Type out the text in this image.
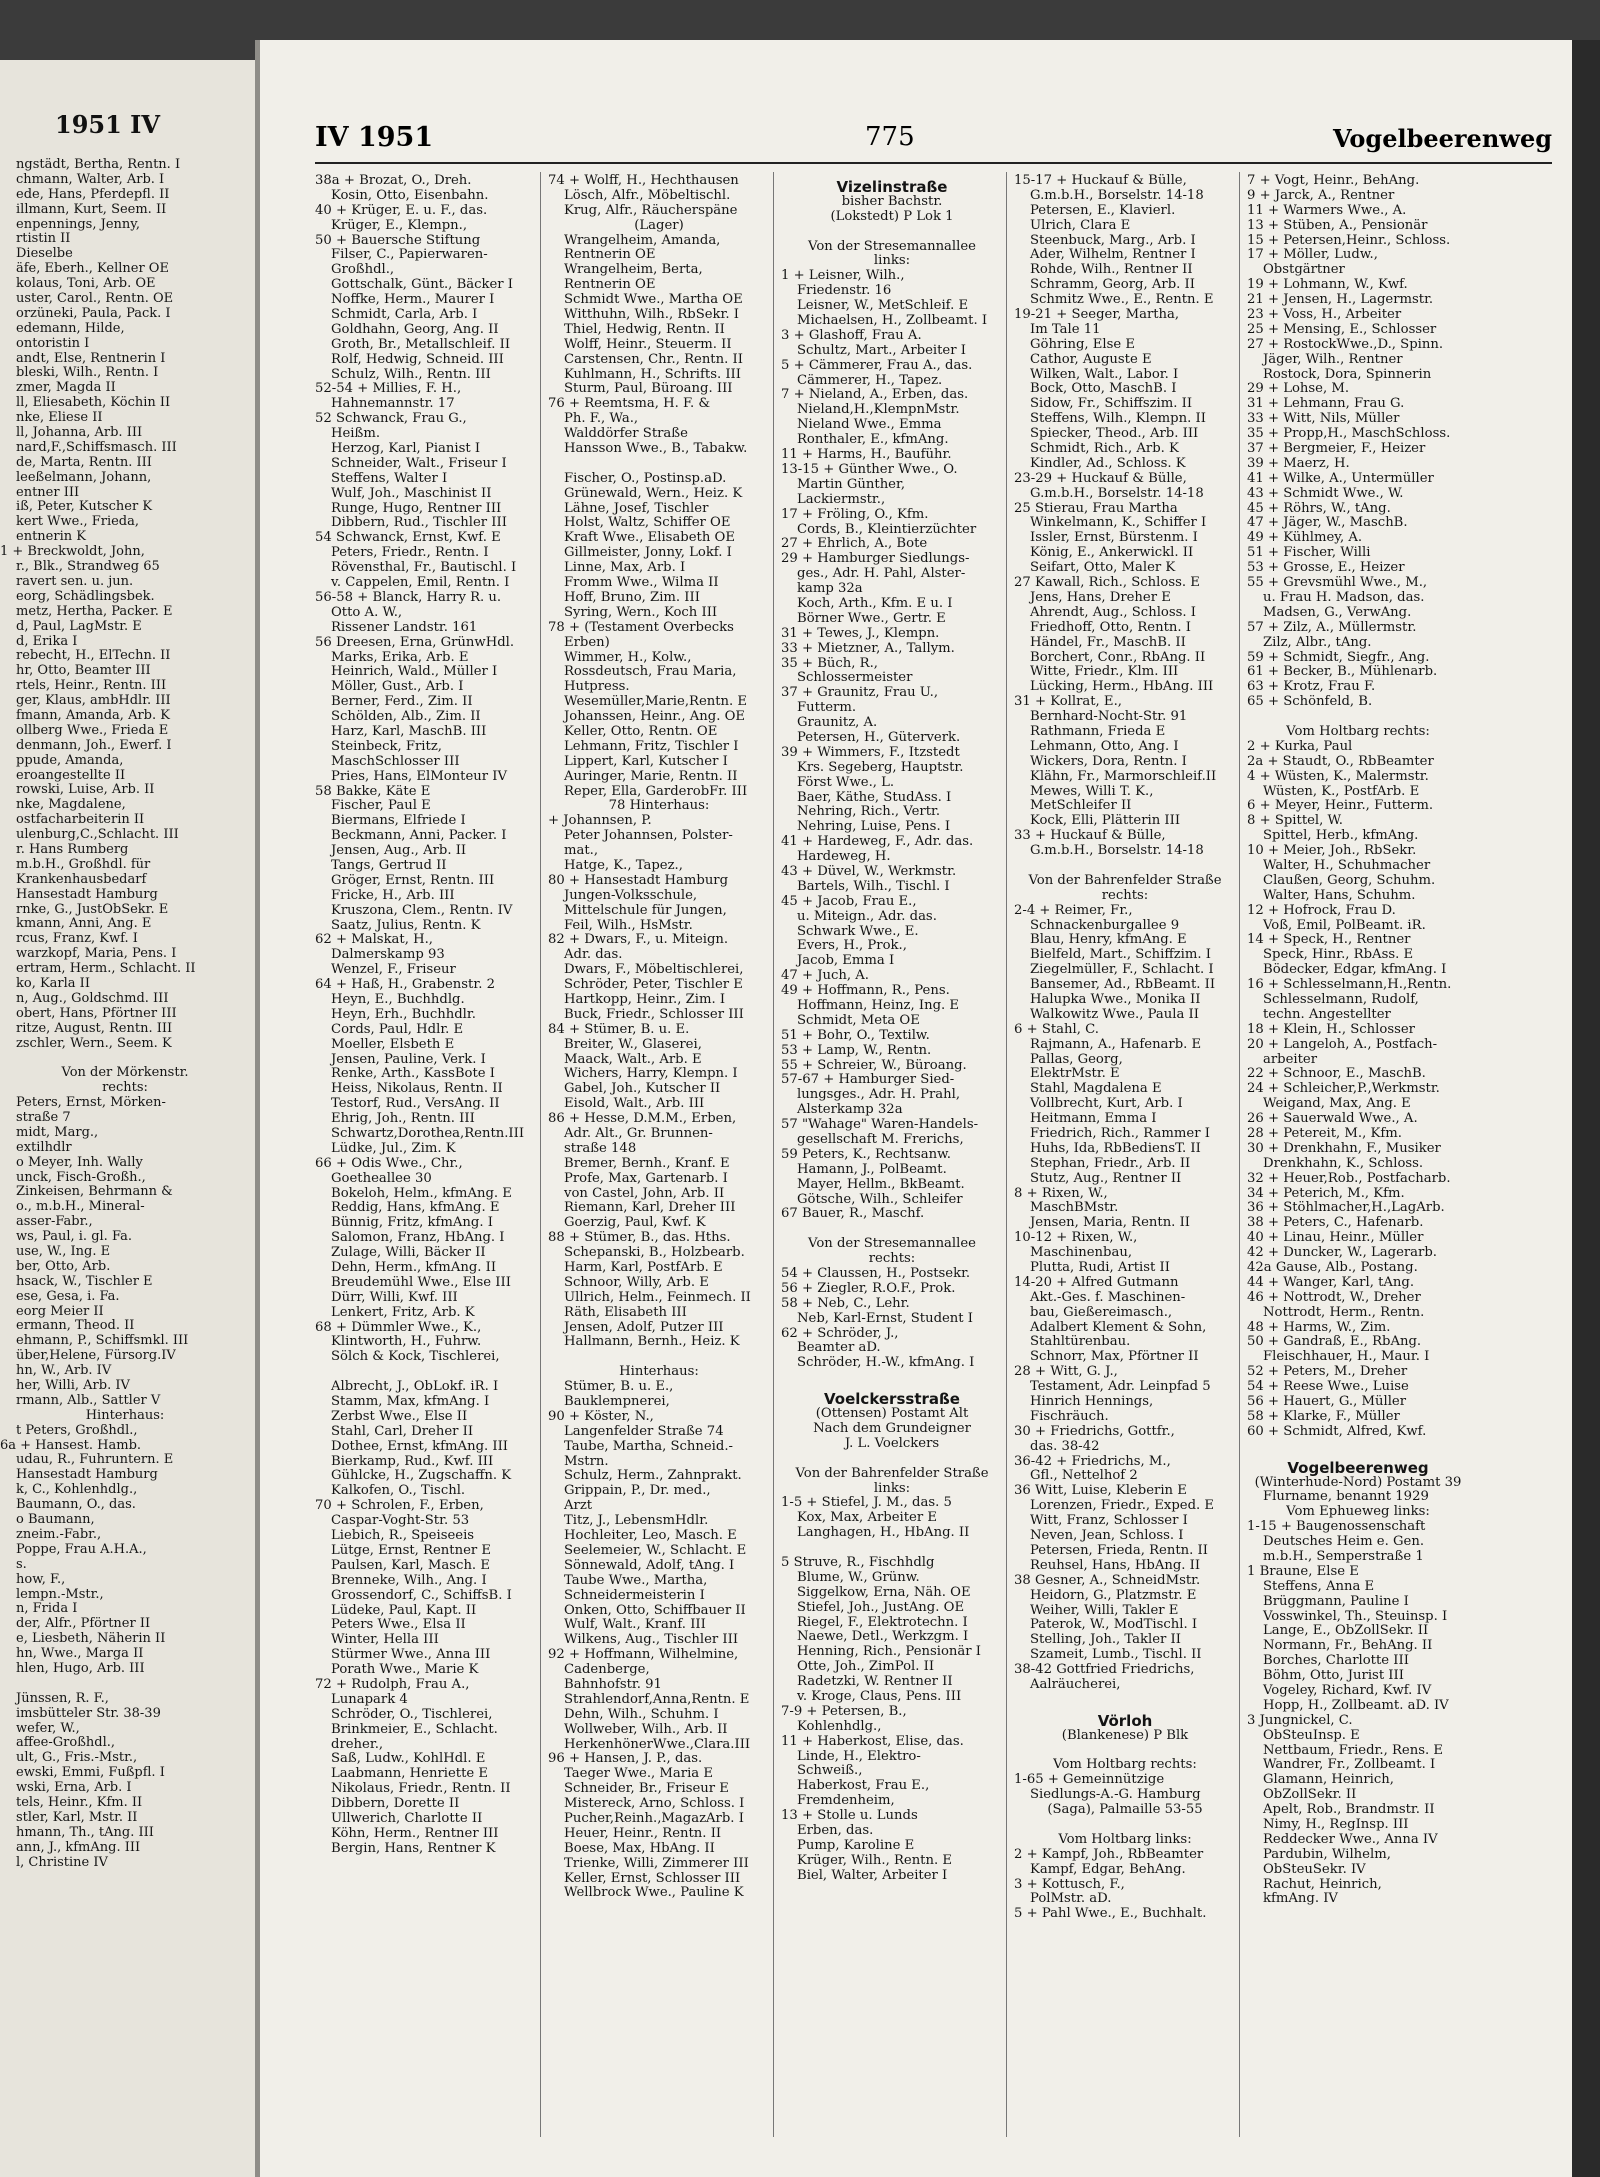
1951 IV
ngstädt, Bertha, Rentn. I
chmann, Walter, Arb. I
ede, Hans, Pferdepfl. II
illmann, Kurt, Seem. II
enpennings, Jenny,
rtistin II
Dieselbe
äfe, Eberh., Kellner OE
kolaus, Toni, Arb. OE
uster, Carol., Rentn. OE
orzüneki, Paula, Pack. I
edemann, Hilde,
ontoristin I
andt, Else, Rentnerin I
bleski, Wilh., Rentn. I
zmer, Magda II
ll, Eliesabeth, Köchin II
nke, Eliese II
ll, Johanna, Arb. III
nard,F.,Schiffsmasch. III
de, Marta, Rentn. III
leeßelmann, Johann,
entner III
iß, Peter, Kutscher K
kert Wwe., Frieda,
entnerin K
1 + Breckwoldt, John,
r., Blk., Strandweg 65
ravert sen. u. jun.
eorg, Schädlingsbek.
metz, Hertha, Packer. E
d, Paul, LagMstr. E
d, Erika I
rebecht, H., ElTechn. II
hr, Otto, Beamter III
rtels, Heinr., Rentn. III
ger, Klaus, ambHdlr. III
fmann, Amanda, Arb. K
ollberg Wwe., Frieda E
denmann, Joh., Ewerf. I
ppude, Amanda,
eroangestellte II
rowski, Luise, Arb. II
nke, Magdalene,
ostfacharbeiterin II
ulenburg,C.,Schlacht. III
r. Hans Rumberg
m.b.H., Großhdl. für
Krankenhausbedarf
Hansestadt Hamburg
rnke, G., JustObSekr. E
kmann, Anni, Ang. E
rcus, Franz, Kwf. I
warzkopf, Maria, Pens. I
ertram, Herm., Schlacht. II
ko, Karla II
n, Aug., Goldschmd. III
obert, Hans, Pförtner III
ritze, August, Rentn. III
zschler, Wern., Seem. K
Von der Mörkenstr.
rechts:
Peters, Ernst, Mörken-
straße 7
midt, Marg.,
extilhdlr
o Meyer, Inh. Wally
unck, Fisch-Großh.,
Zinkeisen, Behrmann &
o., m.b.H., Mineral-
asser-Fabr.,
ws, Paul, i. gl. Fa.
use, W., Ing. E
ber, Otto, Arb.
hsack, W., Tischler E
ese, Gesa, i. Fa.
eorg Meier II
ermann, Theod. II
ehmann, P., Schiffsmkl. III
über,Helene, Fürsorg.IV
hn, W., Arb. IV
her, Willi, Arb. IV
rmann, Alb., Sattler V
Hinterhaus:
t Peters, Großhdl.,
6a + Hansest. Hamb.
udau, R., Fuhruntern. E
Hansestadt Hamburg
k, C., Kohlenhdlg.,
Baumann, O., das.
o Baumann,
zneim.-Fabr.,
Poppe, Frau A.H.A.,
s.
how, F.,
lempn.-Mstr.,
n, Frida I
der, Alfr., Pförtner II
e, Liesbeth, Näherin II
hn, Wwe., Marga II
hlen, Hugo, Arb. III
Jünssen, R. F.,
imsbütteler Str. 38-39
wefer, W.,
affee-Großhdl.,
ult, G., Fris.-Mstr.,
ewski, Emmi, Fußpfl. I
wski, Erna, Arb. I
tels, Heinr., Kfm. II
stler, Karl, Mstr. II
hmann, Th., tAng. III
ann, J., kfmAng. III
l, Christine IV
IV 1951	775	Vogelbeerenweg
38a + Brozat, O., Dreh.
Kosin, Otto, Eisenbahn.
40 + Krüger, E. u. F., das.
Krüger, E., Klempn.,
50 + Bauersche Stiftung
Filser, C., Papierwaren-
Großhdl.,
Gottschalk, Günt., Bäcker I
Noffke, Herm., Maurer I
Schmidt, Carla, Arb. I
Goldhahn, Georg, Ang. II
Groth, Br., Metallschleif. II
Rolf, Hedwig, Schneid. III
Schulz, Wilh., Rentn. III
52-54 + Millies, F. H.,
Hahnemannstr. 17
52 Schwanck, Frau G.,
Heißm.
Herzog, Karl, Pianist I
Schneider, Walt., Friseur I
Steffens, Walter I
Wulf, Joh., Maschinist II
Runge, Hugo, Rentner III
Dibbern, Rud., Tischler III
54 Schwanck, Ernst, Kwf. E
Peters, Friedr., Rentn. I
Rövensthal, Fr., Bautischl. I
v. Cappelen, Emil, Rentn. I
56-58 + Blanck, Harry R. u.
Otto A. W.,
Rissener Landstr. 161
56 Dreesen, Erna, GrünwHdl.
Marks, Erika, Arb. E
Heinrich, Wald., Müller I
Möller, Gust., Arb. I
Berner, Ferd., Zim. II
Schölden, Alb., Zim. II
Harz, Karl, MaschB. III
Steinbeck, Fritz,
MaschSchlosser III
Pries, Hans, ElMonteur IV
58 Bakke, Käte E
Fischer, Paul E
Biermans, Elfriede I
Beckmann, Anni, Packer. I
Jensen, Aug., Arb. II
Tangs, Gertrud II
Gröger, Ernst, Rentn. III
Fricke, H., Arb. III
Kruszona, Clem., Rentn. IV
Saatz, Julius, Rentn. K
62 + Malskat, H.,
Dalmerskamp 93
Wenzel, F., Friseur
64 + Haß, H., Grabenstr. 2
Heyn, E., Buchhdlg.
Heyn, Erh., Buchhdlr.
Cords, Paul, Hdlr. E
Moeller, Elsbeth E
Jensen, Pauline, Verk. I
Renke, Arth., KassBote I
Heiss, Nikolaus, Rentn. II
Testorf, Rud., VersAng. II
Ehrig, Joh., Rentn. III
Schwartz,Dorothea,Rentn.III
Lüdke, Jul., Zim. K
66 + Odis Wwe., Chr.,
Goetheallee 30
Bokeloh, Helm., kfmAng. E
Reddig, Hans, kfmAng. E
Bünnig, Fritz, kfmAng. I
Salomon, Franz, HbAng. I
Zulage, Willi, Bäcker II
Dehn, Herm., kfmAng. II
Breudemühl Wwe., Else III
Dürr, Willi, Kwf. III
Lenkert, Fritz, Arb. K
68 + Dümmler Wwe., K.,
Klintworth, H., Fuhrw.
Sölch & Kock, Tischlerei,
Albrecht, J., ObLokf. iR. I
Stamm, Max, kfmAng. I
Zerbst Wwe., Else II
Stahl, Carl, Dreher II
Dothee, Ernst, kfmAng. III
Bierkamp, Rud., Kwf. III
Gühlcke, H., Zugschaffn. K
Kalkofen, O., Tischl.
70 + Schrolen, F., Erben,
Caspar-Voght-Str. 53
Liebich, R., Speiseeis
Lütge, Ernst, Rentner E
Paulsen, Karl, Masch. E
Brenneke, Wilh., Ang. I
Grossendorf, C., SchiffsB. I
Lüdeke, Paul, Kapt. II
Peters Wwe., Elsa II
Winter, Hella III
Stürmer Wwe., Anna III
Porath Wwe., Marie K
72 + Rudolph, Frau A.,
Lunapark 4
Schröder, O., Tischlerei,
Brinkmeier, E., Schlacht.
dreher.,
Saß, Ludw., KohlHdl. E
Laabmann, Henriette E
Nikolaus, Friedr., Rentn. II
Dibbern, Dorette II
Ullwerich, Charlotte II
Köhn, Herm., Rentner III
Bergin, Hans, Rentner K
74 + Wolff, H., Hechthausen
Lösch, Alfr., Möbeltischl.
Krug, Alfr., Räucherspäne
(Lager)
Wrangelheim, Amanda,
Rentnerin OE
Wrangelheim, Berta,
Rentnerin OE
Schmidt Wwe., Martha OE
Witthuhn, Wilh., RbSekr. I
Thiel, Hedwig, Rentn. II
Wolff, Heinr., Steuerm. II
Carstensen, Chr., Rentn. II
Kuhlmann, H., Schrifts. III
Sturm, Paul, Büroang. III
76 + Reemtsma, H. F. &
Ph. F., Wa.,
Walddörfer Straße
Hansson Wwe., B., Tabakw.
Fischer, O., Postinsp.aD.
Grünewald, Wern., Heiz. K
Lähne, Josef, Tischler
Holst, Waltz, Schiffer OE
Kraft Wwe., Elisabeth OE
Gillmeister, Jonny, Lokf. I
Linne, Max, Arb. I
Fromm Wwe., Wilma II
Hoff, Bruno, Zim. III
Syring, Wern., Koch III
78 + (Testament Overbecks
Erben)
Wimmer, H., Kolw.,
Rossdeutsch, Frau Maria,
Hutpress.
Wesemüller,Marie,Rentn. E
Johanssen, Heinr., Ang. OE
Keller, Otto, Rentn. OE
Lehmann, Fritz, Tischler I
Lippert, Karl, Kutscher I
Auringer, Marie, Rentn. II
Reper, Ella, GarderobFr. III
78 Hinterhaus:
+ Johannsen, P.
Peter Johannsen, Polster-
mat.,
Hatge, K., Tapez.,
80 + Hansestadt Hamburg
Jungen-Volksschule,
Mittelschule für Jungen,
Feil, Wilh., HsMstr.
82 + Dwars, F., u. Miteign.
Adr. das.
Dwars, F., Möbeltischlerei,
Schröder, Peter, Tischler E
Hartkopp, Heinr., Zim. I
Buck, Friedr., Schlosser III
84 + Stümer, B. u. E.
Breiter, W., Glaserei,
Maack, Walt., Arb. E
Wichers, Harry, Klempn. I
Gabel, Joh., Kutscher II
Eisold, Walt., Arb. III
86 + Hesse, D.M.M., Erben,
Adr. Alt., Gr. Brunnen-
straße 148
Bremer, Bernh., Kranf. E
Profe, Max, Gartenarb. I
von Castel, John, Arb. II
Riemann, Karl, Dreher III
Goerzig, Paul, Kwf. K
88 + Stümer, B., das. Hths.
Schepanski, B., Holzbearb.
Harm, Karl, PostfArb. E
Schnoor, Willy, Arb. E
Ullrich, Helm., Feinmech. II
Räth, Elisabeth III
Jensen, Adolf, Putzer III
Hallmann, Bernh., Heiz. K
Hinterhaus:
Stümer, B. u. E.,
Bauklempnerei,
90 + Köster, N.,
Langenfelder Straße 74
Taube, Martha, Schneid.-
Mstrn.
Schulz, Herm., Zahnprakt.
Grippain, P., Dr. med.,
Arzt
Titz, J., LebensmHdlr.
Hochleiter, Leo, Masch. E
Seelemeier, W., Schlacht. E
Sönnewald, Adolf, tAng. I
Taube Wwe., Martha,
Schneidermeisterin I
Onken, Otto, Schiffbauer II
Wulf, Walt., Kranf. III
Wilkens, Aug., Tischler III
92 + Hoffmann, Wilhelmine,
Cadenberge,
Bahnhofstr. 91
Strahlendorf,Anna,Rentn. E
Dehn, Wilh., Schuhm. I
Wollweber, Wilh., Arb. II
HerkenhönerWwe.,Clara.III
96 + Hansen, J. P., das.
Taeger Wwe., Maria E
Schneider, Br., Friseur E
Mistereck, Arno, Schloss. I
Pucher,Reinh.,MagazArb. I
Heuer, Heinr., Rentn. II
Boese, Max, HbAng. II
Trienke, Willi, Zimmerer III
Keller, Ernst, Schlosser III
Wellbrock Wwe., Pauline K
Vizelinstraße
bisher Bachstr.
(Lokstedt) P Lok 1
Von der Stresemannallee
links:
1 + Leisner, Wilh.,
Friedenstr. 16
Leisner, W., MetSchleif. E
Michaelsen, H., Zollbeamt. I
3 + Glashoff, Frau A.
Schultz, Mart., Arbeiter I
5 + Cämmerer, Frau A., das.
Cämmerer, H., Tapez.
7 + Nieland, A., Erben, das.
Nieland,H.,KlempnMstr.
Nieland Wwe., Emma
Ronthaler, E., kfmAng.
11 + Harms, H., Bauführ.
13-15 + Günther Wwe., O.
Martin Günther,
Lackiermstr.,
17 + Fröling, O., Kfm.
Cords, B., Kleintierzüchter
27 + Ehrlich, A., Bote
29 + Hamburger Siedlungs-
ges., Adr. H. Pahl, Alster-
kamp 32a
Koch, Arth., Kfm. E u. I
Börner Wwe., Gertr. E
31 + Tewes, J., Klempn.
33 + Mietzner, A., Tallym.
35 + Büch, R.,
Schlossermeister
37 + Graunitz, Frau U.,
Futterm.
Graunitz, A.
Petersen, H., Güterverk.
39 + Wimmers, F., Itzstedt
Krs. Segeberg, Hauptstr.
Först Wwe., L.
Baer, Käthe, StudAss. I
Nehring, Rich., Vertr.
Nehring, Luise, Pens. I
41 + Hardeweg, F., Adr. das.
Hardeweg, H.
43 + Düvel, W., Werkmstr.
Bartels, Wilh., Tischl. I
45 + Jacob, Frau E.,
u. Miteign., Adr. das.
Schwark Wwe., E.
Evers, H., Prok.,
Jacob, Emma I
47 + Juch, A.
49 + Hoffmann, R., Pens.
Hoffmann, Heinz, Ing. E
Schmidt, Meta OE
51 + Bohr, O., Textilw.
53 + Lamp, W., Rentn.
55 + Schreier, W., Büroang.
57-67 + Hamburger Sied-
lungsges., Adr. H. Prahl,
Alsterkamp 32a
57 "Wahage" Waren-Handels-
gesellschaft M. Frerichs,
59 Peters, K., Rechtsanw.
Hamann, J., PolBeamt.
Mayer, Hellm., BkBeamt.
Götsche, Wilh., Schleifer
67 Bauer, R., Maschf.
Von der Stresemannallee
rechts:
54 + Claussen, H., Postsekr.
56 + Ziegler, R.O.F., Prok.
58 + Neb, C., Lehr.
Neb, Karl-Ernst, Student I
62 + Schröder, J.,
Beamter aD.
Schröder, H.-W., kfmAng. I
Voelckersstraße
(Ottensen) Postamt Alt
Nach dem Grundeigner
J. L. Voelckers
Von der Bahrenfelder Straße
links:
1-5 + Stiefel, J. M., das. 5
Kox, Max, Arbeiter E
Langhagen, H., HbAng. II
5 Struve, R., Fischhdlg
Blume, W., Grünw.
Siggelkow, Erna, Näh. OE
Stiefel, Joh., JustAng. OE
Riegel, F., Elektrotechn. I
Naewe, Detl., Werkzgm. I
Henning, Rich., Pensionär I
Otte, Joh., ZimPol. II
Radetzki, W. Rentner II
v. Kroge, Claus, Pens. III
7-9 + Petersen, B.,
Kohlenhdlg.,
11 + Haberkost, Elise, das.
Linde, H., Elektro-
Schweiß.,
Haberkost, Frau E.,
Fremdenheim,
13 + Stolle u. Lunds
Erben, das.
Pump, Karoline E
Krüger, Wilh., Rentn. E
Biel, Walter, Arbeiter I
15-17 + Huckauf & Bülle,
G.m.b.H., Borselstr. 14-18
Petersen, E., Klavierl.
Ulrich, Clara E
Steenbuck, Marg., Arb. I
Ader, Wilhelm, Rentner I
Rohde, Wilh., Rentner II
Schramm, Georg, Arb. II
Schmitz Wwe., E., Rentn. E
19-21 + Seeger, Martha,
Im Tale 11
Göhring, Else E
Cathor, Auguste E
Wilken, Walt., Labor. I
Bock, Otto, MaschB. I
Sidow, Fr., Schiffszim. II
Steffens, Wilh., Klempn. II
Spiecker, Theod., Arb. III
Schmidt, Rich., Arb. K
Kindler, Ad., Schloss. K
23-29 + Huckauf & Bülle,
G.m.b.H., Borselstr. 14-18
25 Stierau, Frau Martha
Winkelmann, K., Schiffer I
Issler, Ernst, Bürstenm. I
König, E., Ankerwickl. II
Seifart, Otto, Maler K
27 Kawall, Rich., Schloss. E
Jens, Hans, Dreher E
Ahrendt, Aug., Schloss. I
Friedhoff, Otto, Rentn. I
Händel, Fr., MaschB. II
Borchert, Conr., RbAng. II
Witte, Friedr., Klm. III
Lücking, Herm., HbAng. III
31 + Kollrat, E.,
Bernhard-Nocht-Str. 91
Rathmann, Frieda E
Lehmann, Otto, Ang. I
Wickers, Dora, Rentn. I
Klähn, Fr., Marmorschleif.II
Mewes, Willi T. K.,
MetSchleifer II
Kock, Elli, Plätterin III
33 + Huckauf & Bülle,
G.m.b.H., Borselstr. 14-18
Von der Bahrenfelder Straße
rechts:
2-4 + Reimer, Fr.,
Schnackenburgallee 9
Blau, Henry, kfmAng. E
Bielfeld, Mart., Schiffzim. I
Ziegelmüller, F., Schlacht. I
Bansemer, Ad., RbBeamt. II
Halupka Wwe., Monika II
Walkowitz Wwe., Paula II
6 + Stahl, C.
Rajmann, A., Hafenarb. E
Pallas, Georg,
ElektrMstr. E
Stahl, Magdalena E
Vollbrecht, Kurt, Arb. I
Heitmann, Emma I
Friedrich, Rich., Rammer I
Huhs, Ida, RbBediensT. II
Stephan, Friedr., Arb. II
Stutz, Aug., Rentner II
8 + Rixen, W.,
MaschBMstr.
Jensen, Maria, Rentn. II
10-12 + Rixen, W.,
Maschinenbau,
Plutta, Rudi, Artist II
14-20 + Alfred Gutmann
Akt.-Ges. f. Maschinen-
bau, Gießereimasch.,
Adalbert Klement & Sohn,
Stahltürenbau.
Schnorr, Max, Pförtner II
28 + Witt, G. J.,
Testament, Adr. Leinpfad 5
Hinrich Hennings,
Fischräuch.
30 + Friedrichs, Gottfr.,
das. 38-42
36-42 + Friedrichs, M.,
Gfl., Nettelhof 2
36 Witt, Luise, Kleberin E
Lorenzen, Friedr., Exped. E
Witt, Franz, Schlosser I
Neven, Jean, Schloss. I
Petersen, Frieda, Rentn. II
Reuhsel, Hans, HbAng. II
38 Gesner, A., SchneidMstr.
Heidorn, G., Platzmstr. E
Weiher, Willi, Takler E
Paterok, W., ModTischl. I
Stelling, Joh., Takler II
Szameit, Lumb., Tischl. II
38-42 Gottfried Friedrichs,
Aalräucherei,
Vörloh
(Blankenese) P Blk
Vom Holtbarg rechts:
1-65 + Gemeinnützige
Siedlungs-A.-G. Hamburg
(Saga), Palmaille 53-55
Vom Holtbarg links:
2 + Kampf, Joh., RbBeamter
Kampf, Edgar, BehAng.
3 + Kottusch, F.,
PolMstr. aD.
5 + Pahl Wwe., E., Buchhalt.
7 + Vogt, Heinr., BehAng.
9 + Jarck, A., Rentner
11 + Warmers Wwe., A.
13 + Stüben, A., Pensionär
15 + Petersen,Heinr., Schloss.
17 + Möller, Ludw.,
Obstgärtner
19 + Lohmann, W., Kwf.
21 + Jensen, H., Lagermstr.
23 + Voss, H., Arbeiter
25 + Mensing, E., Schlosser
27 + RostockWwe.,D., Spinn.
Jäger, Wilh., Rentner
Rostock, Dora, Spinnerin
29 + Lohse, M.
31 + Lehmann, Frau G.
33 + Witt, Nils, Müller
35 + Propp,H., MaschSchloss.
37 + Bergmeier, F., Heizer
39 + Maerz, H.
41 + Wilke, A., Untermüller
43 + Schmidt Wwe., W.
45 + Röhrs, W., tAng.
47 + Jäger, W., MaschB.
49 + Kühlmey, A.
51 + Fischer, Willi
53 + Grosse, E., Heizer
55 + Grevsmühl Wwe., M.,
u. Frau H. Madson, das.
Madsen, G., VerwAng.
57 + Zilz, A., Müllermstr.
Zilz, Albr., tAng.
59 + Schmidt, Siegfr., Ang.
61 + Becker, B., Mühlenarb.
63 + Krotz, Frau F.
65 + Schönfeld, B.
Vom Holtbarg rechts:
2 + Kurka, Paul
2a + Staudt, O., RbBeamter
4 + Wüsten, K., Malermstr.
Wüsten, K., PostfArb. E
6 + Meyer, Heinr., Futterm.
8 + Spittel, W.
Spittel, Herb., kfmAng.
10 + Meier, Joh., RbSekr.
Walter, H., Schuhmacher
Claußen, Georg, Schuhm.
Walter, Hans, Schuhm.
12 + Hofrock, Frau D.
Voß, Emil, PolBeamt. iR.
14 + Speck, H., Rentner
Speck, Hinr., RbAss. E
Bödecker, Edgar, kfmAng. I
16 + Schlesselmann,H.,Rentn.
Schlesselmann, Rudolf,
techn. Angestellter
18 + Klein, H., Schlosser
20 + Langeloh, A., Postfach-
arbeiter
22 + Schnoor, E., MaschB.
24 + Schleicher,P.,Werkmstr.
Weigand, Max, Ang. E
26 + Sauerwald Wwe., A.
28 + Petereit, M., Kfm.
30 + Drenkhahn, F., Musiker
Drenkhahn, K., Schloss.
32 + Heuer,Rob., Postfacharb.
34 + Peterich, M., Kfm.
36 + Stöhlmacher,H.,LagArb.
38 + Peters, C., Hafenarb.
40 + Linau, Heinr., Müller
42 + Duncker, W., Lagerarb.
42a Gause, Alb., Postang.
44 + Wanger, Karl, tAng.
46 + Nottrodt, W., Dreher
Nottrodt, Herm., Rentn.
48 + Harms, W., Zim.
50 + Gandraß, E., RbAng.
Fleischhauer, H., Maur. I
52 + Peters, M., Dreher
54 + Reese Wwe., Luise
56 + Hauert, G., Müller
58 + Klarke, F., Müller
60 + Schmidt, Alfred, Kwf.
Vogelbeerenweg
(Winterhude-Nord) Postamt 39
Flurname, benannt 1929
Vom Ephueweg links:
1-15 + Baugenossenschaft
Deutsches Heim e. Gen.
m.b.H., Semperstraße 1
1 Braune, Else E
Steffens, Anna E
Brüggmann, Pauline I
Vosswinkel, Th., Steuinsp. I
Lange, E., ObZollSekr. II
Normann, Fr., BehAng. II
Borches, Charlotte III
Böhm, Otto, Jurist III
Vogeley, Richard, Kwf. IV
Hopp, H., Zollbeamt. aD. IV
3 Jungnickel, C.
ObSteuInsp. E
Nettbaum, Friedr., Rens. E
Wandrer, Fr., Zollbeamt. I
Glamann, Heinrich,
ObZollSekr. II
Apelt, Rob., Brandmstr. II
Nimy, H., RegInsp. III
Reddecker Wwe., Anna IV
Pardubin, Wilhelm,
ObSteuSekr. IV
Rachut, Heinrich,
kfmAng. IV
